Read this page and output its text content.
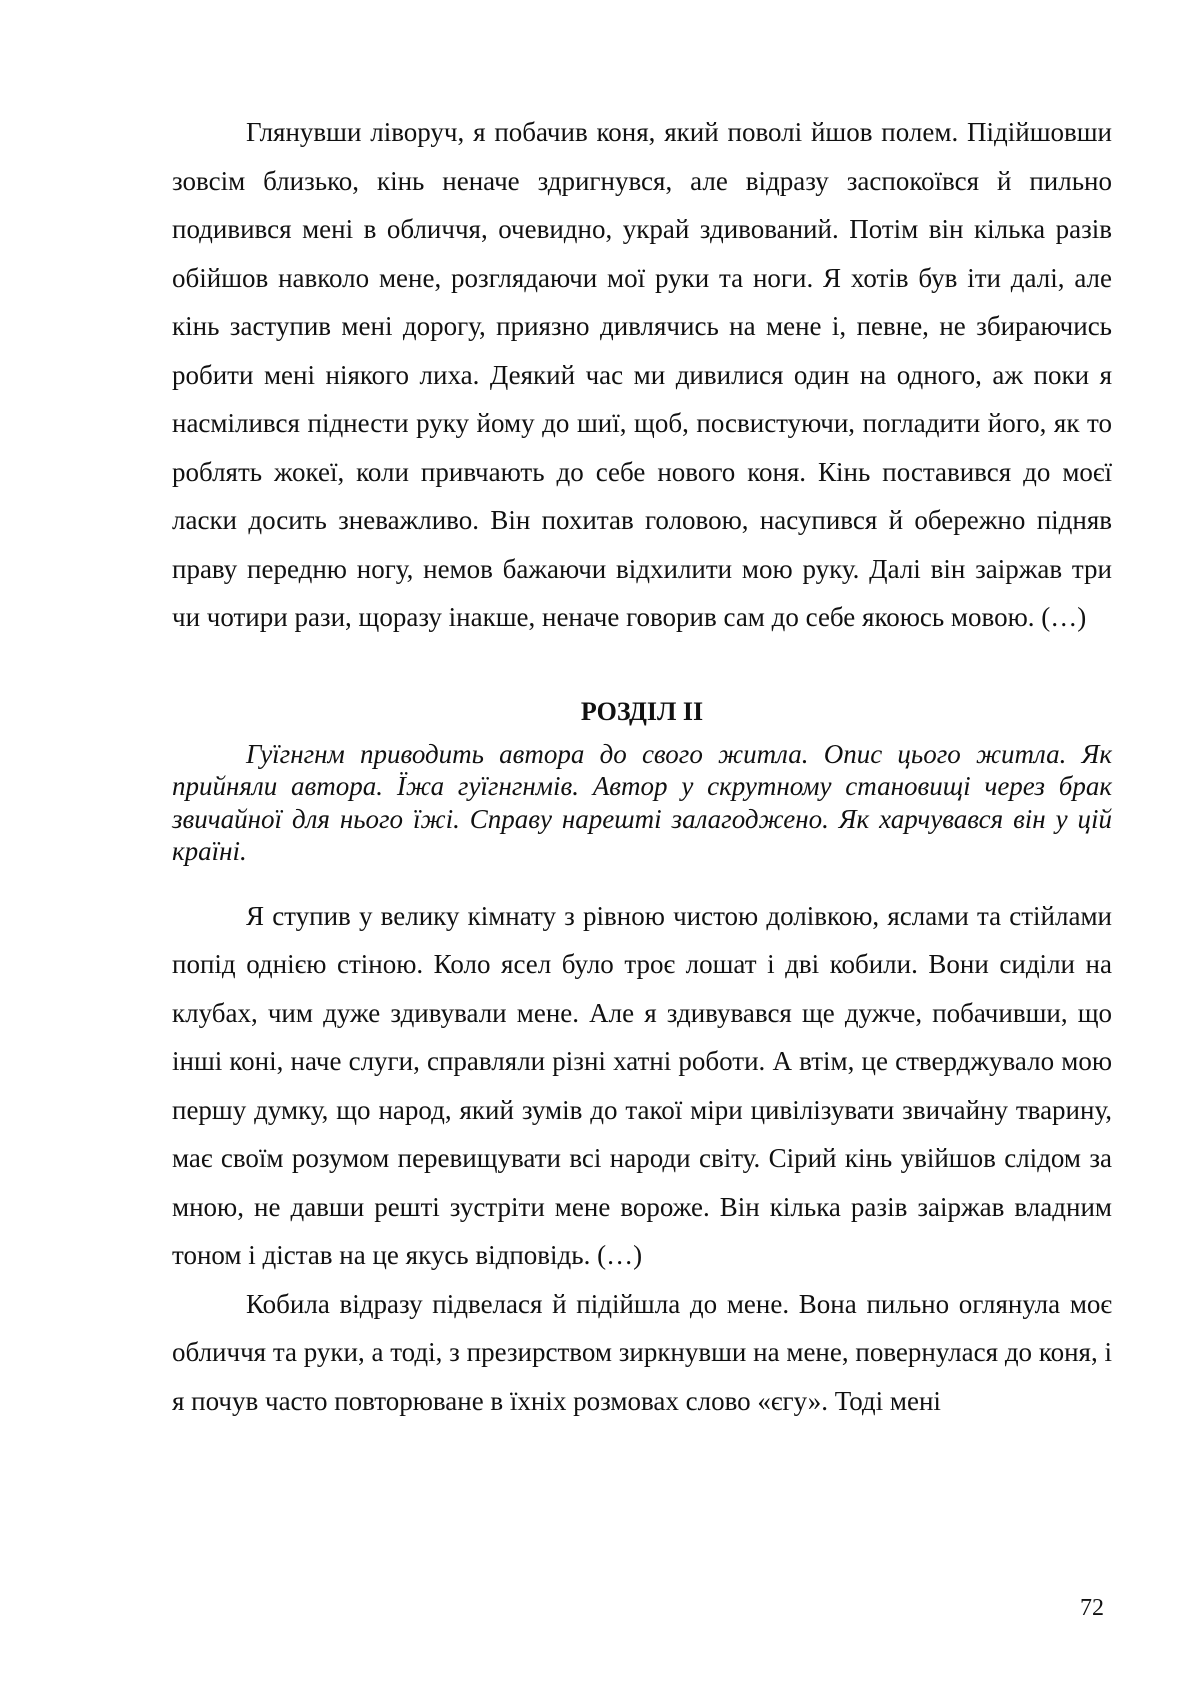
Глянувши ліворуч, я побачив коня, який поволі йшов полем. Підійшовши зовсім близько, кінь неначе здригнувся, але відразу заспокоївся й пильно подивився мені в обличчя, очевидно, украй здивований. Потім він кілька разів обійшов навколо мене, розглядаючи мої руки та ноги. Я хотів був іти далі, але кінь заступив мені дорогу, приязно дивлячись на мене і, певне, не збираючись робити мені ніякого лиха. Деякий час ми дивилися один на одного, аж поки я насмілився піднести руку йому до шиї, щоб, посвистуючи, погладити його, як то роблять жокеї, коли привчають до себе нового коня. Кінь поставився до моєї ласки досить зневажливо. Він похитав головою, насупився й обережно підняв праву передню ногу, немов бажаючи відхилити мою руку. Далі він заіржав три чи чотири рази, щоразу інакше, неначе говорив сам до себе якоюсь мовою. (…)

РОЗДІЛ ІІ

Гуїгнгнм приводить автора до свого житла. Опис цього житла. Як прийняли автора. Їжа гуїгнгнмів. Автор у скрутному становищі через брак звичайної для нього їжі. Справу нарешті залагоджено. Як харчувався він у цій країні.

Я ступив у велику кімнату з рівною чистою долівкою, яслами та стійлами попід однією стіною. Коло ясел було троє лошат і дві кобили. Вони сиділи на клубах, чим дуже здивували мене. Але я здивувався ще дужче, побачивши, що інші коні, наче слуги, справляли різні хатні роботи. А втім, це стверджувало мою першу думку, що народ, який зумів до такої міри цивілізувати звичайну тварину, має своїм розумом перевищувати всі народи світу. Сірий кінь увійшов слідом за мною, не давши решті зустріти мене вороже. Він кілька разів заіржав владним тоном і дістав на це якусь відповідь. (…)

Кобила відразу підвелася й підійшла до мене. Вона пильно оглянула моє обличчя та руки, а тоді, з презирством зиркнувши на мене, повернулася до коня, і я почув часто повторюване в їхніх розмовах слово «єгу». Тоді мені

72
